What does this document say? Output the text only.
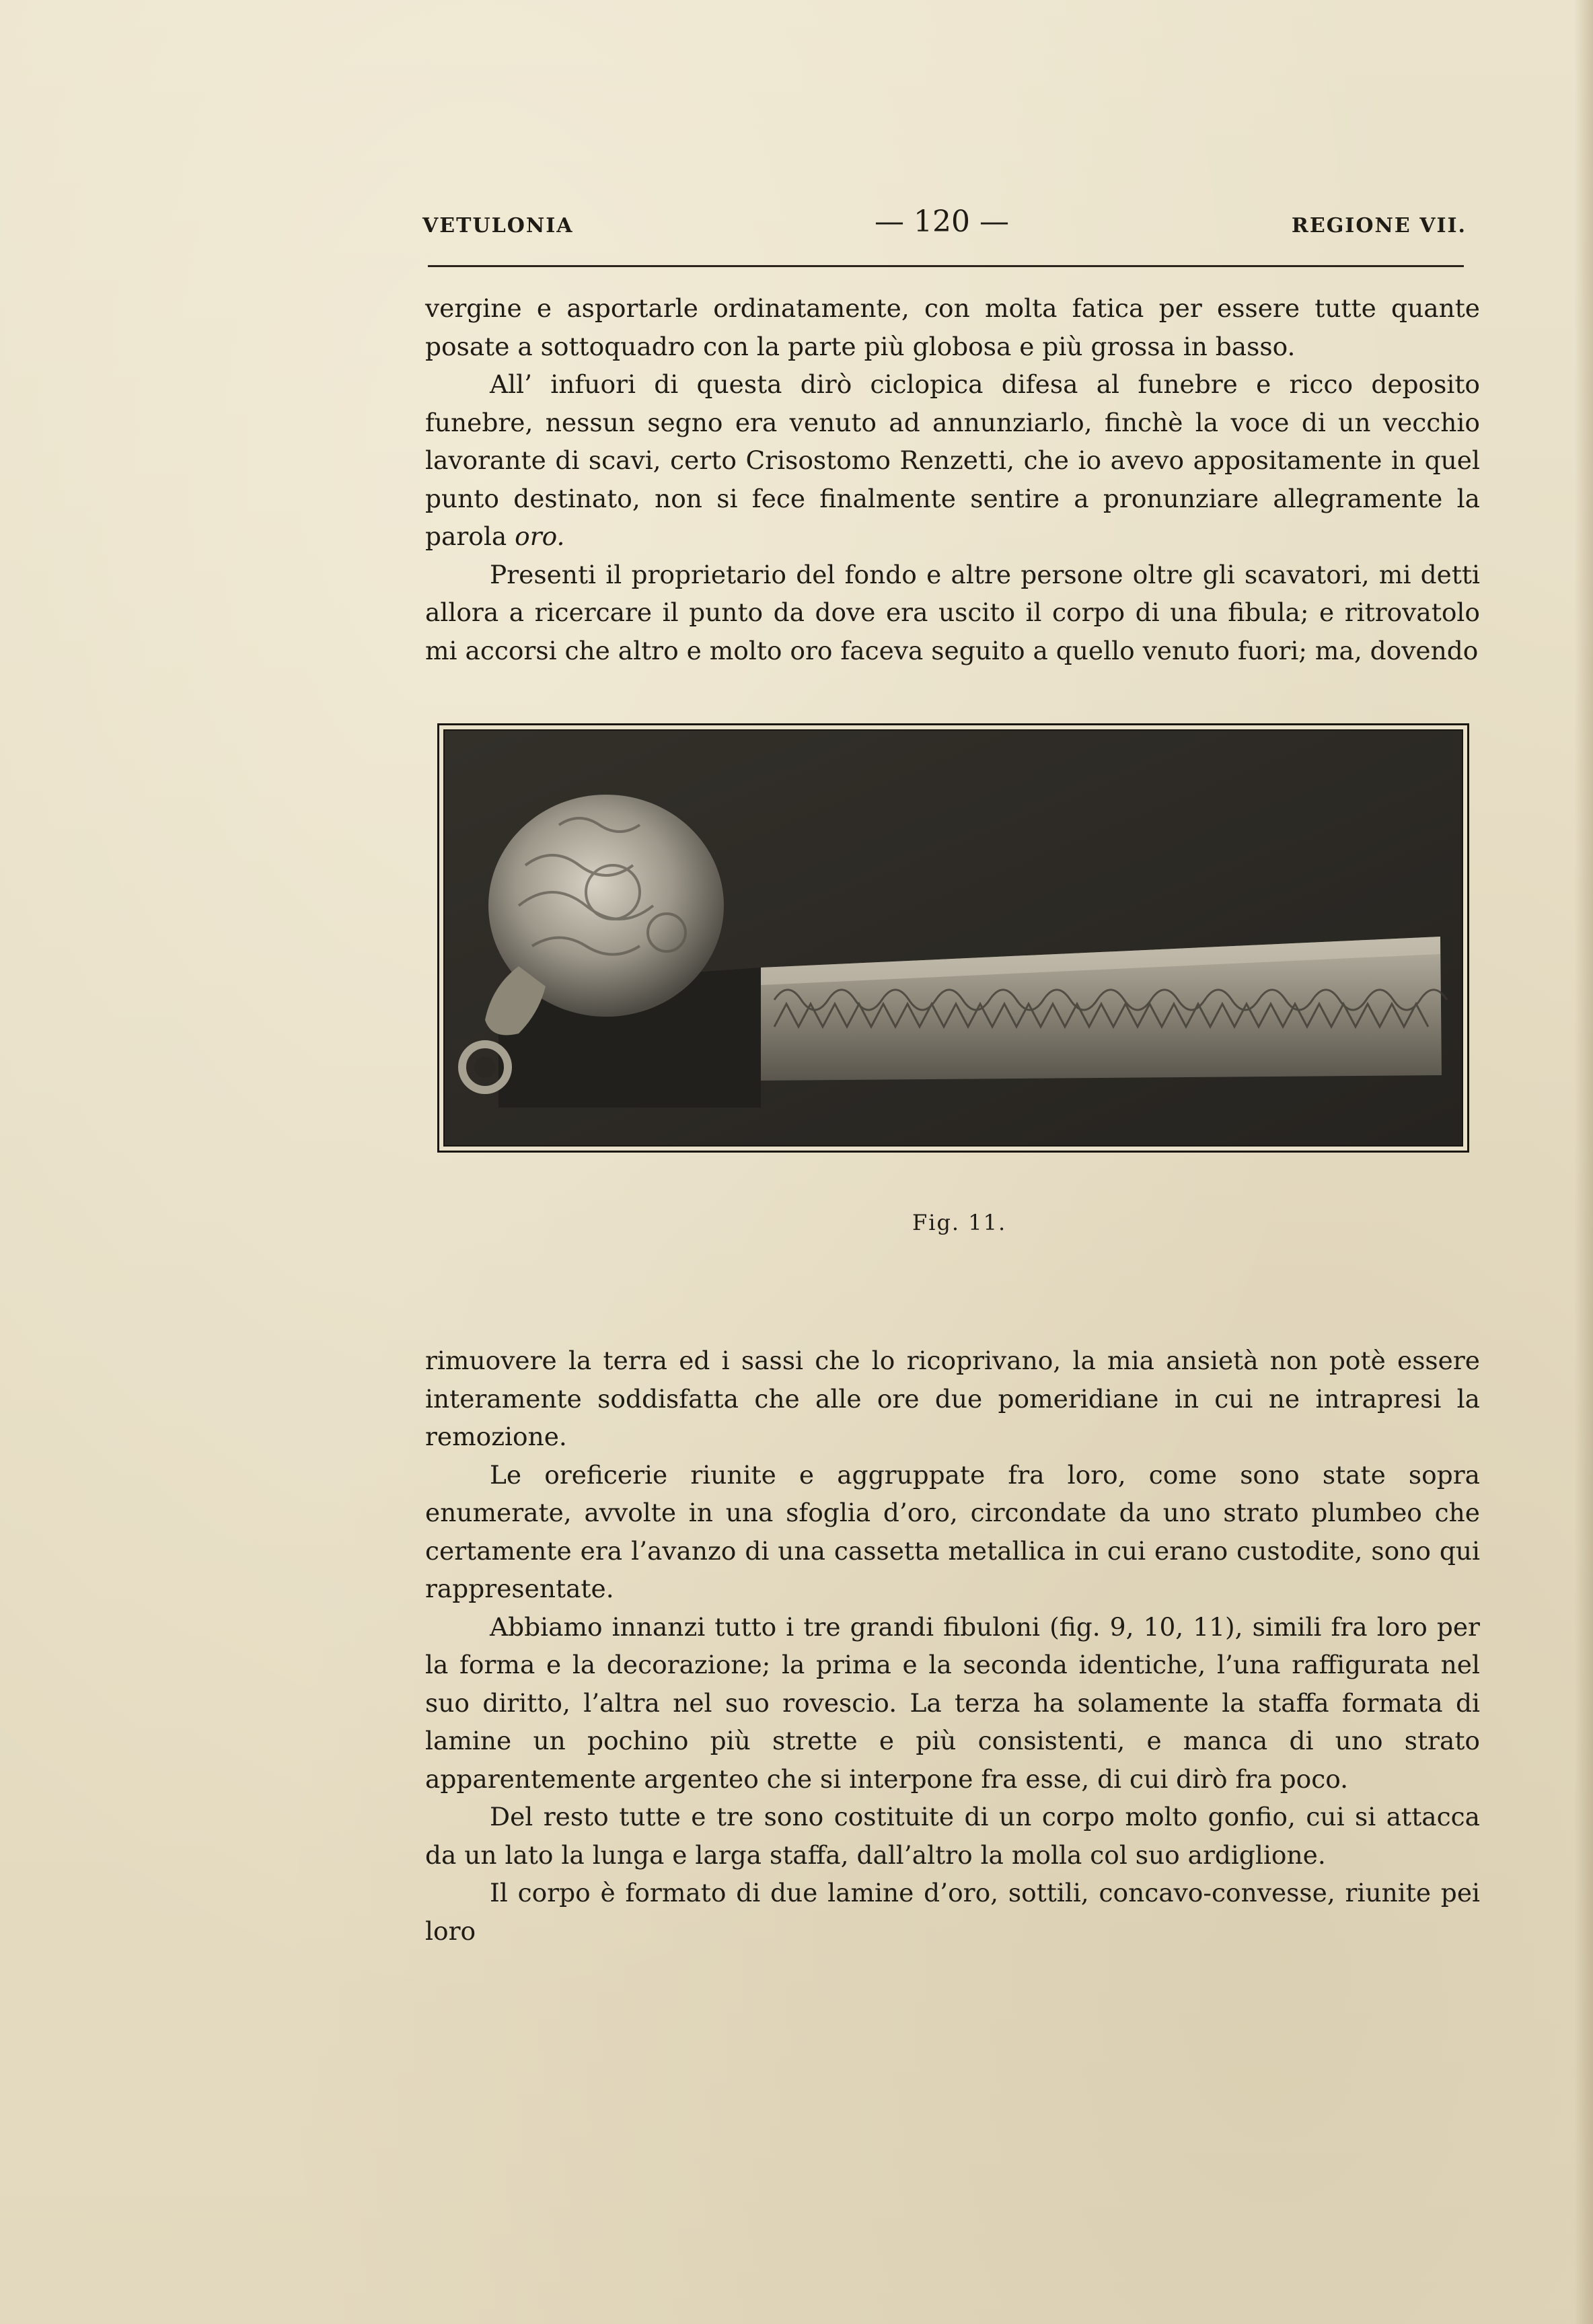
VETULONIA	— 120 —	REGIONE VII.

vergine e asportarle ordinatamente, con molta fatica per essere tutte quante posate a sottoquadro con la parte più globosa e più grossa in basso.

All’ infuori di questa dirò ciclopica difesa al funebre e ricco deposito funebre, nessun segno era venuto ad annunziarlo, finchè la voce di un vecchio lavorante di scavi, certo Crisostomo Renzetti, che io avevo appositamente in quel punto destinato, non si fece finalmente sentire a pronunziare allegramente la parola oro.

Presenti il proprietario del fondo e altre persone oltre gli scavatori, mi detti allora a ricercare il punto da dove era uscito il corpo di una fibula; e ritrovatolo mi accorsi che altro e molto oro faceva seguito a quello venuto fuori; ma, dovendo

Fig. 11.

rimuovere la terra ed i sassi che lo ricoprivano, la mia ansietà non potè essere interamente soddisfatta che alle ore due pomeridiane in cui ne intrapresi la remozione.

Le oreficerie riunite e aggruppate fra loro, come sono state sopra enumerate, avvolte in una sfoglia d’oro, circondate da uno strato plumbeo che certamente era l’avanzo di una cassetta metallica in cui erano custodite, sono qui rappresentate.

Abbiamo innanzi tutto i tre grandi fibuloni (fig. 9, 10, 11), simili fra loro per la forma e la decorazione; la prima e la seconda identiche, l’una raffigurata nel suo diritto, l’altra nel suo rovescio. La terza ha solamente la staffa formata di lamine un pochino più strette e più consistenti, e manca di uno strato apparentemente argenteo che si interpone fra esse, di cui dirò fra poco.

Del resto tutte e tre sono costituite di un corpo molto gonfio, cui si attacca da un lato la lunga e larga staffa, dall’altro la molla col suo ardiglione.

Il corpo è formato di due lamine d’oro, sottili, concavo-convesse, riunite pei loro
